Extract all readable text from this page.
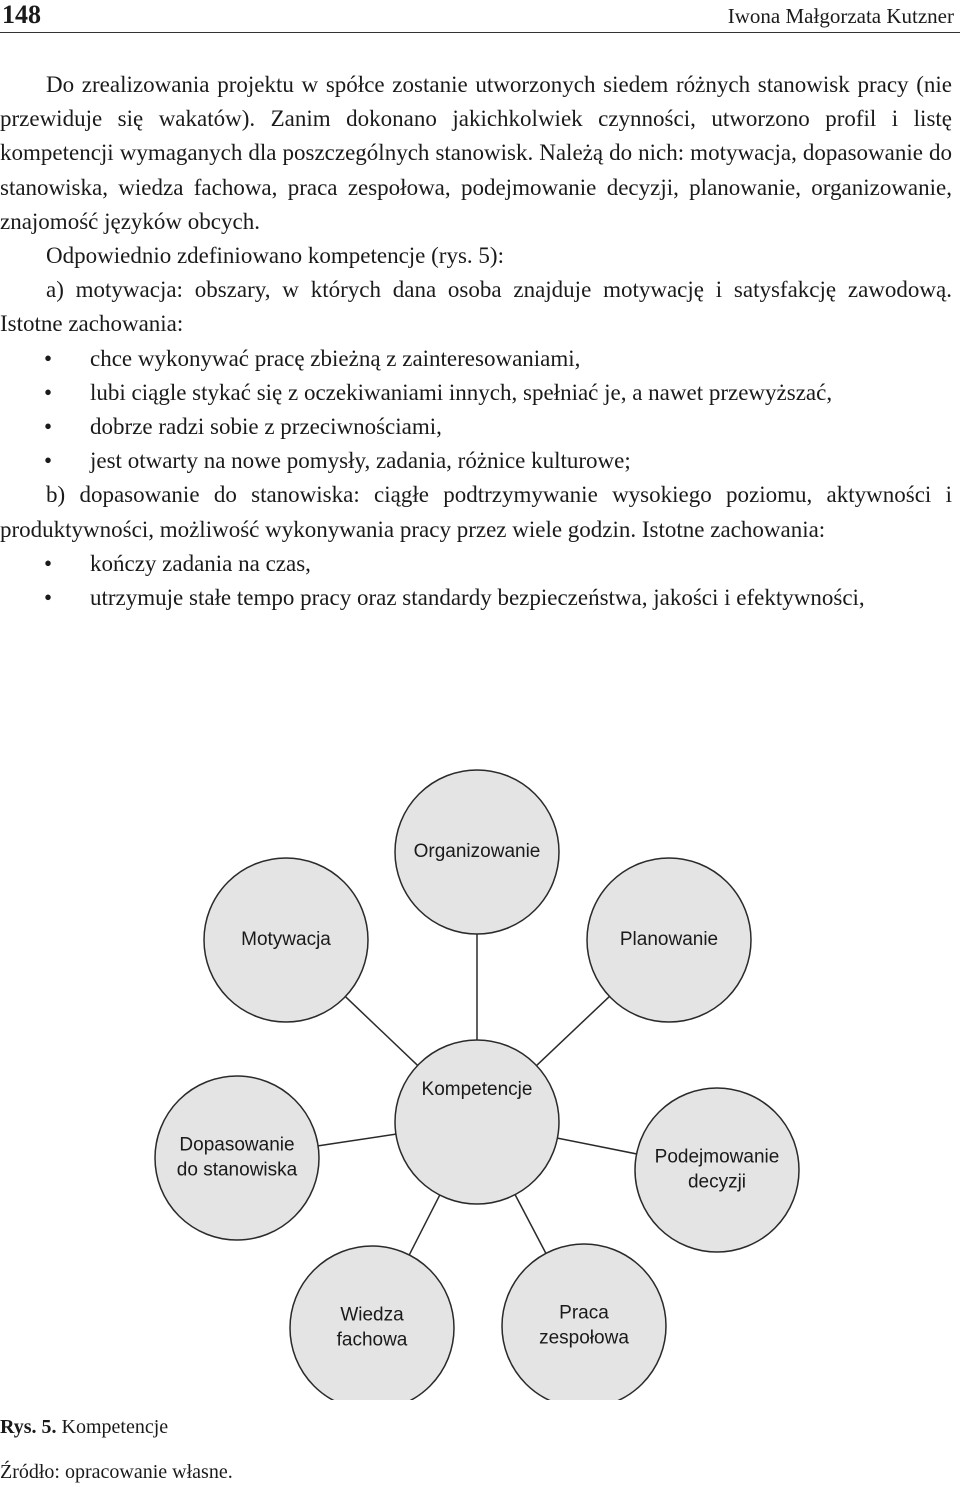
148	Iwona Małgorzata Kutzner

Do zrealizowania projektu w spółce zostanie utworzonych siedem różnych stanowisk pracy (nie przewiduje się wakatów). Zanim dokonano jakichkolwiek czynności, utworzono profil i listę kompetencji wymaganych dla poszczególnych stanowisk. Należą do nich: motywacja, dopasowanie do stanowiska, wiedza fachowa, praca zespołowa, podejmowanie decyzji, planowanie, organizowanie, znajomość języków obcych.

Odpowiednio zdefiniowano kompetencje (rys. 5):

a) motywacja: obszary, w których dana osoba znajduje motywację i satysfakcję zawodową. Istotne zachowania:

• chce wykonywać pracę zbieżną z zainteresowaniami,
• lubi ciągle stykać się z oczekiwaniami innych, spełniać je, a nawet przewyższać,
• dobrze radzi sobie z przeciwnościami,
• jest otwarty na nowe pomysły, zadania, różnice kulturowe;

b) dopasowanie do stanowiska: ciągłe podtrzymywanie wysokiego poziomu, aktywności i produktywności, możliwość wykonywania pracy przez wiele godzin. Istotne zachowania:

• kończy zadania na czas,
• utrzymuje stałe tempo pracy oraz standardy bezpieczeństwa, jakości i efektywności,
Kompetencje
Organizowanie
Planowanie
Podejmowanie
decyzji
Praca
zespołowa
Wiedza
fachowa
Dopasowanie
do stanowiska
Motywacja
Rys. 5. Kompetencje
Źródło: opracowanie własne.
